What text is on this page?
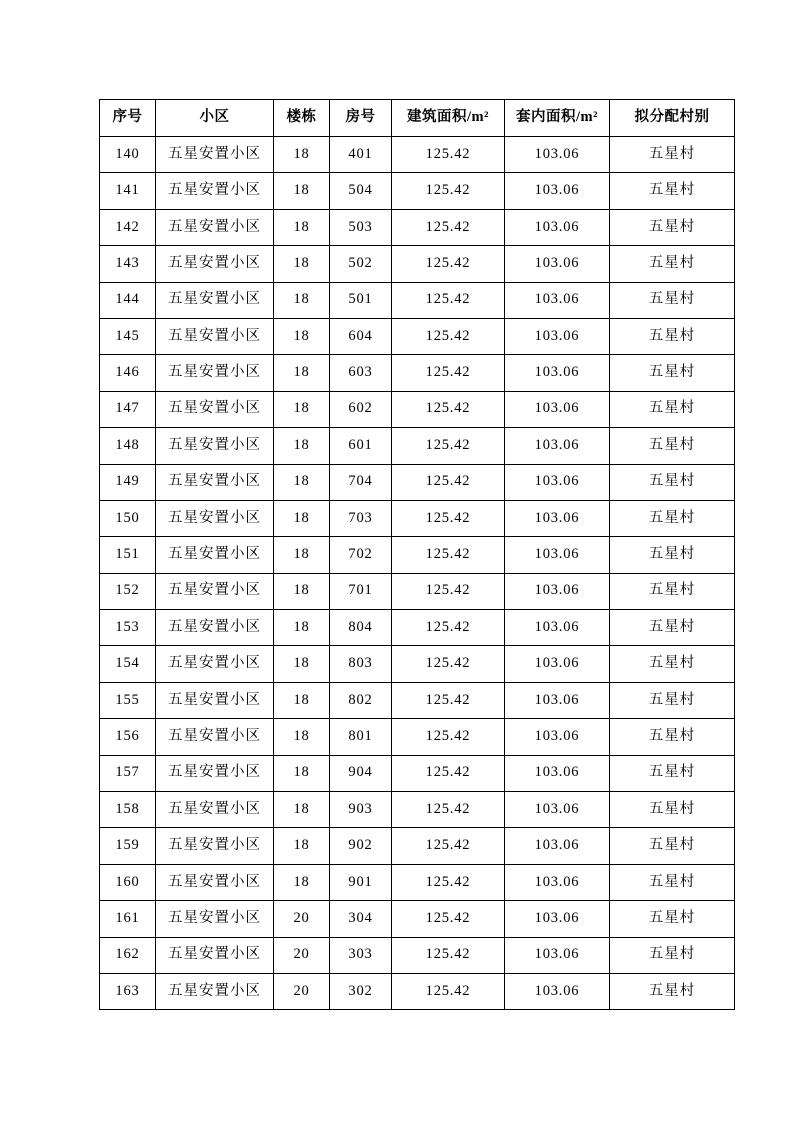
序号	小区	楼栋	房号	建筑面积/m²	套内面积/m²	拟分配村别
140	五星安置小区	18	401	125.42	103.06	五星村
141	五星安置小区	18	504	125.42	103.06	五星村
142	五星安置小区	18	503	125.42	103.06	五星村
143	五星安置小区	18	502	125.42	103.06	五星村
144	五星安置小区	18	501	125.42	103.06	五星村
145	五星安置小区	18	604	125.42	103.06	五星村
146	五星安置小区	18	603	125.42	103.06	五星村
147	五星安置小区	18	602	125.42	103.06	五星村
148	五星安置小区	18	601	125.42	103.06	五星村
149	五星安置小区	18	704	125.42	103.06	五星村
150	五星安置小区	18	703	125.42	103.06	五星村
151	五星安置小区	18	702	125.42	103.06	五星村
152	五星安置小区	18	701	125.42	103.06	五星村
153	五星安置小区	18	804	125.42	103.06	五星村
154	五星安置小区	18	803	125.42	103.06	五星村
155	五星安置小区	18	802	125.42	103.06	五星村
156	五星安置小区	18	801	125.42	103.06	五星村
157	五星安置小区	18	904	125.42	103.06	五星村
158	五星安置小区	18	903	125.42	103.06	五星村
159	五星安置小区	18	902	125.42	103.06	五星村
160	五星安置小区	18	901	125.42	103.06	五星村
161	五星安置小区	20	304	125.42	103.06	五星村
162	五星安置小区	20	303	125.42	103.06	五星村
163	五星安置小区	20	302	125.42	103.06	五星村
